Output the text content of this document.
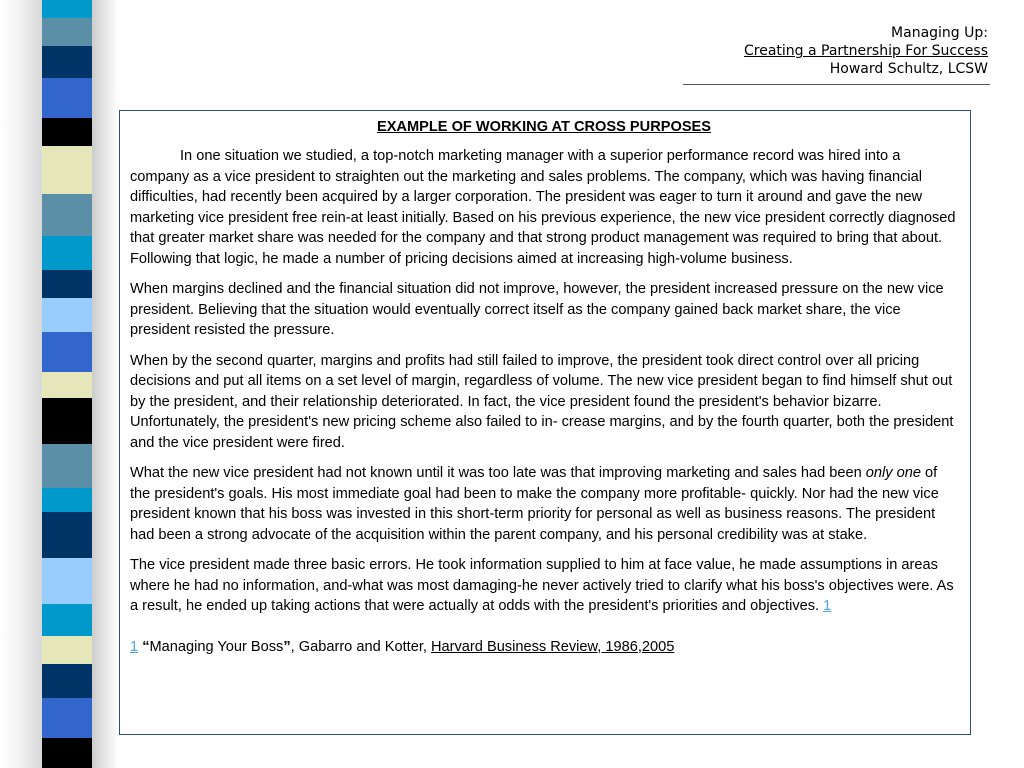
Managing Up:
Creating a Partnership For Success
Howard Schultz, LCSW
EXAMPLE OF WORKING AT CROSS PURPOSES

In one situation we studied, a top-notch marketing manager with a superior performance record was hired into a company as a vice president to straighten out the marketing and sales problems. The company, which was having financial difficulties, had recently been acquired by a larger corporation. The president was eager to turn it around and gave the new marketing vice president free rein-at least initially. Based on his previous experience, the new vice president correctly diagnosed that greater market share was needed for the company and that strong product management was required to bring that about. Following that logic, he made a number of pricing decisions aimed at increasing high-volume business.

When margins declined and the financial situation did not improve, however, the president increased pressure on the new vice president. Believing that the situation would eventually correct itself as the company gained back market share, the vice president resisted the pressure.

When by the second quarter, margins and profits had still failed to improve, the president took direct control over all pricing decisions and put all items on a set level of margin, regardless of volume. The new vice president began to find himself shut out by the president, and their relationship deteriorated. In fact, the vice president found the president's behavior bizarre. Unfortunately, the president's new pricing scheme also failed to in- crease margins, and by the fourth quarter, both the president and the vice president were fired.

What the new vice president had not known until it was too late was that improving marketing and sales had been only one of the president's goals. His most immediate goal had been to make the company more profitable- quickly. Nor had the new vice president known that his boss was invested in this short-term priority for personal as well as business reasons. The president had been a strong advocate of the acquisition within the parent company, and his personal credibility was at stake.

The vice president made three basic errors. He took information supplied to him at face value, he made assumptions in areas where he had no information, and-what was most damaging-he never actively tried to clarify what his boss's objectives were. As a result, he ended up taking actions that were actually at odds with the president's priorities and objectives. 1

1 “Managing Your Boss”, Gabarro and Kotter, Harvard Business Review, 1986,2005
